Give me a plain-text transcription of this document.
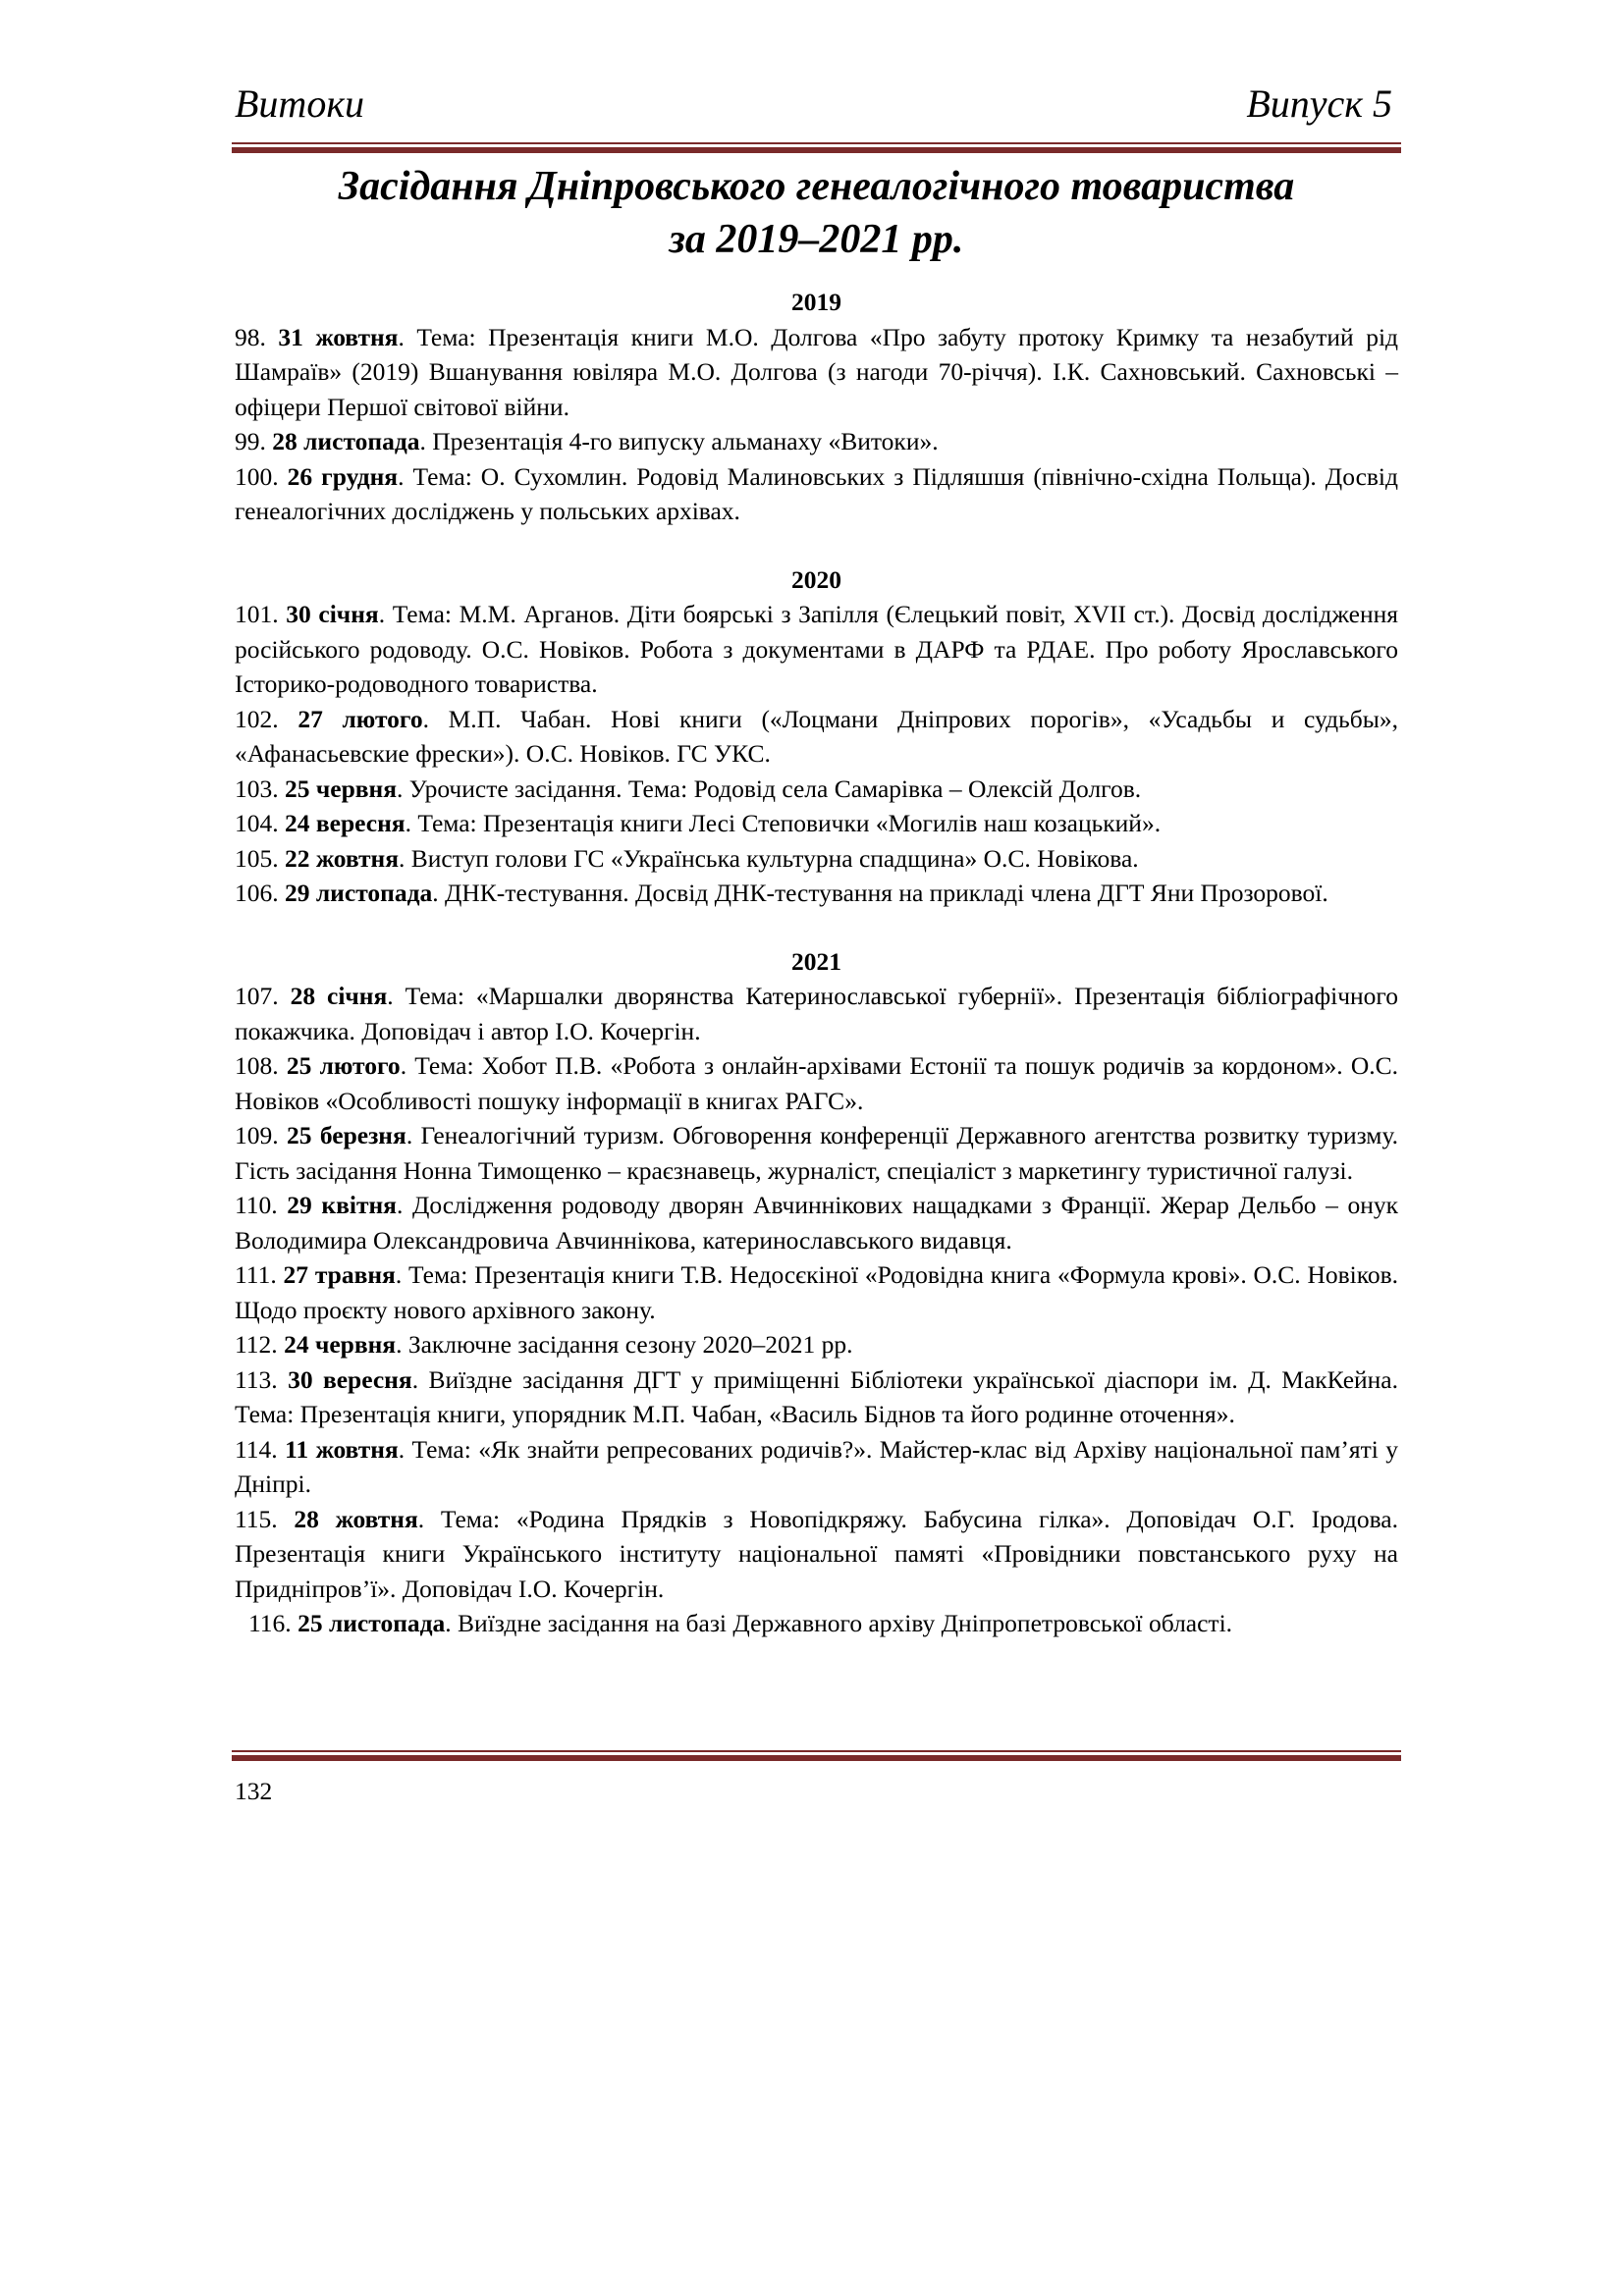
Витоки	Випуск 5
Засідання Дніпровського генеалогічного товариства
за 2019–2021 рр.

2019

98. 31 жовтня. Тема: Презентація книги М.О. Долгова «Про забуту протоку Кримку та незабутий рід Шамраїв» (2019) Вшанування ювіляра М.О. Долгова (з нагоди 70-річчя). І.К. Сахновський. Сахновські – офіцери Першої світової війни.

99. 28 листопада. Презентація 4-го випуску альманаху «Витоки».

100. 26 грудня. Тема: О. Сухомлин. Родовід Малиновських з Підляшшя (північно-східна Польща). Досвід генеалогічних досліджень у польських архівах.

2020

101. 30 січня. Тема: М.М. Арганов. Діти боярські з Запілля (Єлецький повіт, XVII ст.). Досвід дослідження російського родоводу. О.С. Новіков. Робота з документами в ДАРФ та РДАЕ. Про роботу Ярославського Історико-родоводного товариства.

102. 27 лютого. М.П. Чабан. Нові книги («Лоцмани Дніпрових порогів», «Усадьбы и судьбы», «Афанасьевские фрески»). О.С. Новіков. ГС УКС.

103. 25 червня. Урочисте засідання. Тема: Родовід села Самарівка – Олексій Долгов.

104. 24 вересня. Тема: Презентація книги Лесі Степовички «Могилів наш козацький».

105. 22 жовтня. Виступ голови ГС «Українська культурна спадщина» О.С. Новікова.

106. 29 листопада. ДНК-тестування. Досвід ДНК-тестування на прикладі члена ДГТ Яни Прозорової.

2021

107. 28 січня. Тема: «Маршалки дворянства Катеринославської губернії». Презентація бібліографічного покажчика. Доповідач і автор І.О. Кочергін.

108. 25 лютого. Тема: Хобот П.В. «Робота з онлайн-архівами Естонії та пошук родичів за кордоном». О.С. Новіков «Особливості пошуку інформації в книгах РАГС».

109. 25 березня. Генеалогічний туризм. Обговорення конференції Державного агентства розвитку туризму. Гість засідання Нонна Тимощенко – краєзнавець, журналіст, спеціаліст з маркетингу туристичної галузі.

110. 29 квітня. Дослідження родоводу дворян Авчиннікових нащадками з Франції. Жерар Дельбо – онук Володимира Олександровича Авчиннікова, катеринославського видавця.

111. 27 травня. Тема: Презентація книги Т.В. Недосєкіної «Родовідна книга «Формула крові». О.С. Новіков. Щодо проєкту нового архівного закону.

112. 24 червня. Заключне засідання сезону 2020–2021 рр.

113. 30 вересня. Виїздне засідання ДГТ у приміщенні Бібліотеки української діаспори ім. Д. МакКейна. Тема: Презентація книги, упорядник М.П. Чабан, «Василь Біднов та його родинне оточення».

114. 11 жовтня. Тема: «Як знайти репресованих родичів?». Майстер-клас від Архіву національної пам’яті у Дніпрі.

115. 28 жовтня. Тема: «Родина Прядків з Новопідкряжу. Бабусина гілка». Доповідач О.Г. Іродова. Презентація книги Українського інституту національної памяті «Провідники повстанського руху на Придніпров’ї». Доповідач І.О. Кочергін.

116. 25 листопада. Виїздне засідання на базі Державного архіву Дніпропетровської області.

132
